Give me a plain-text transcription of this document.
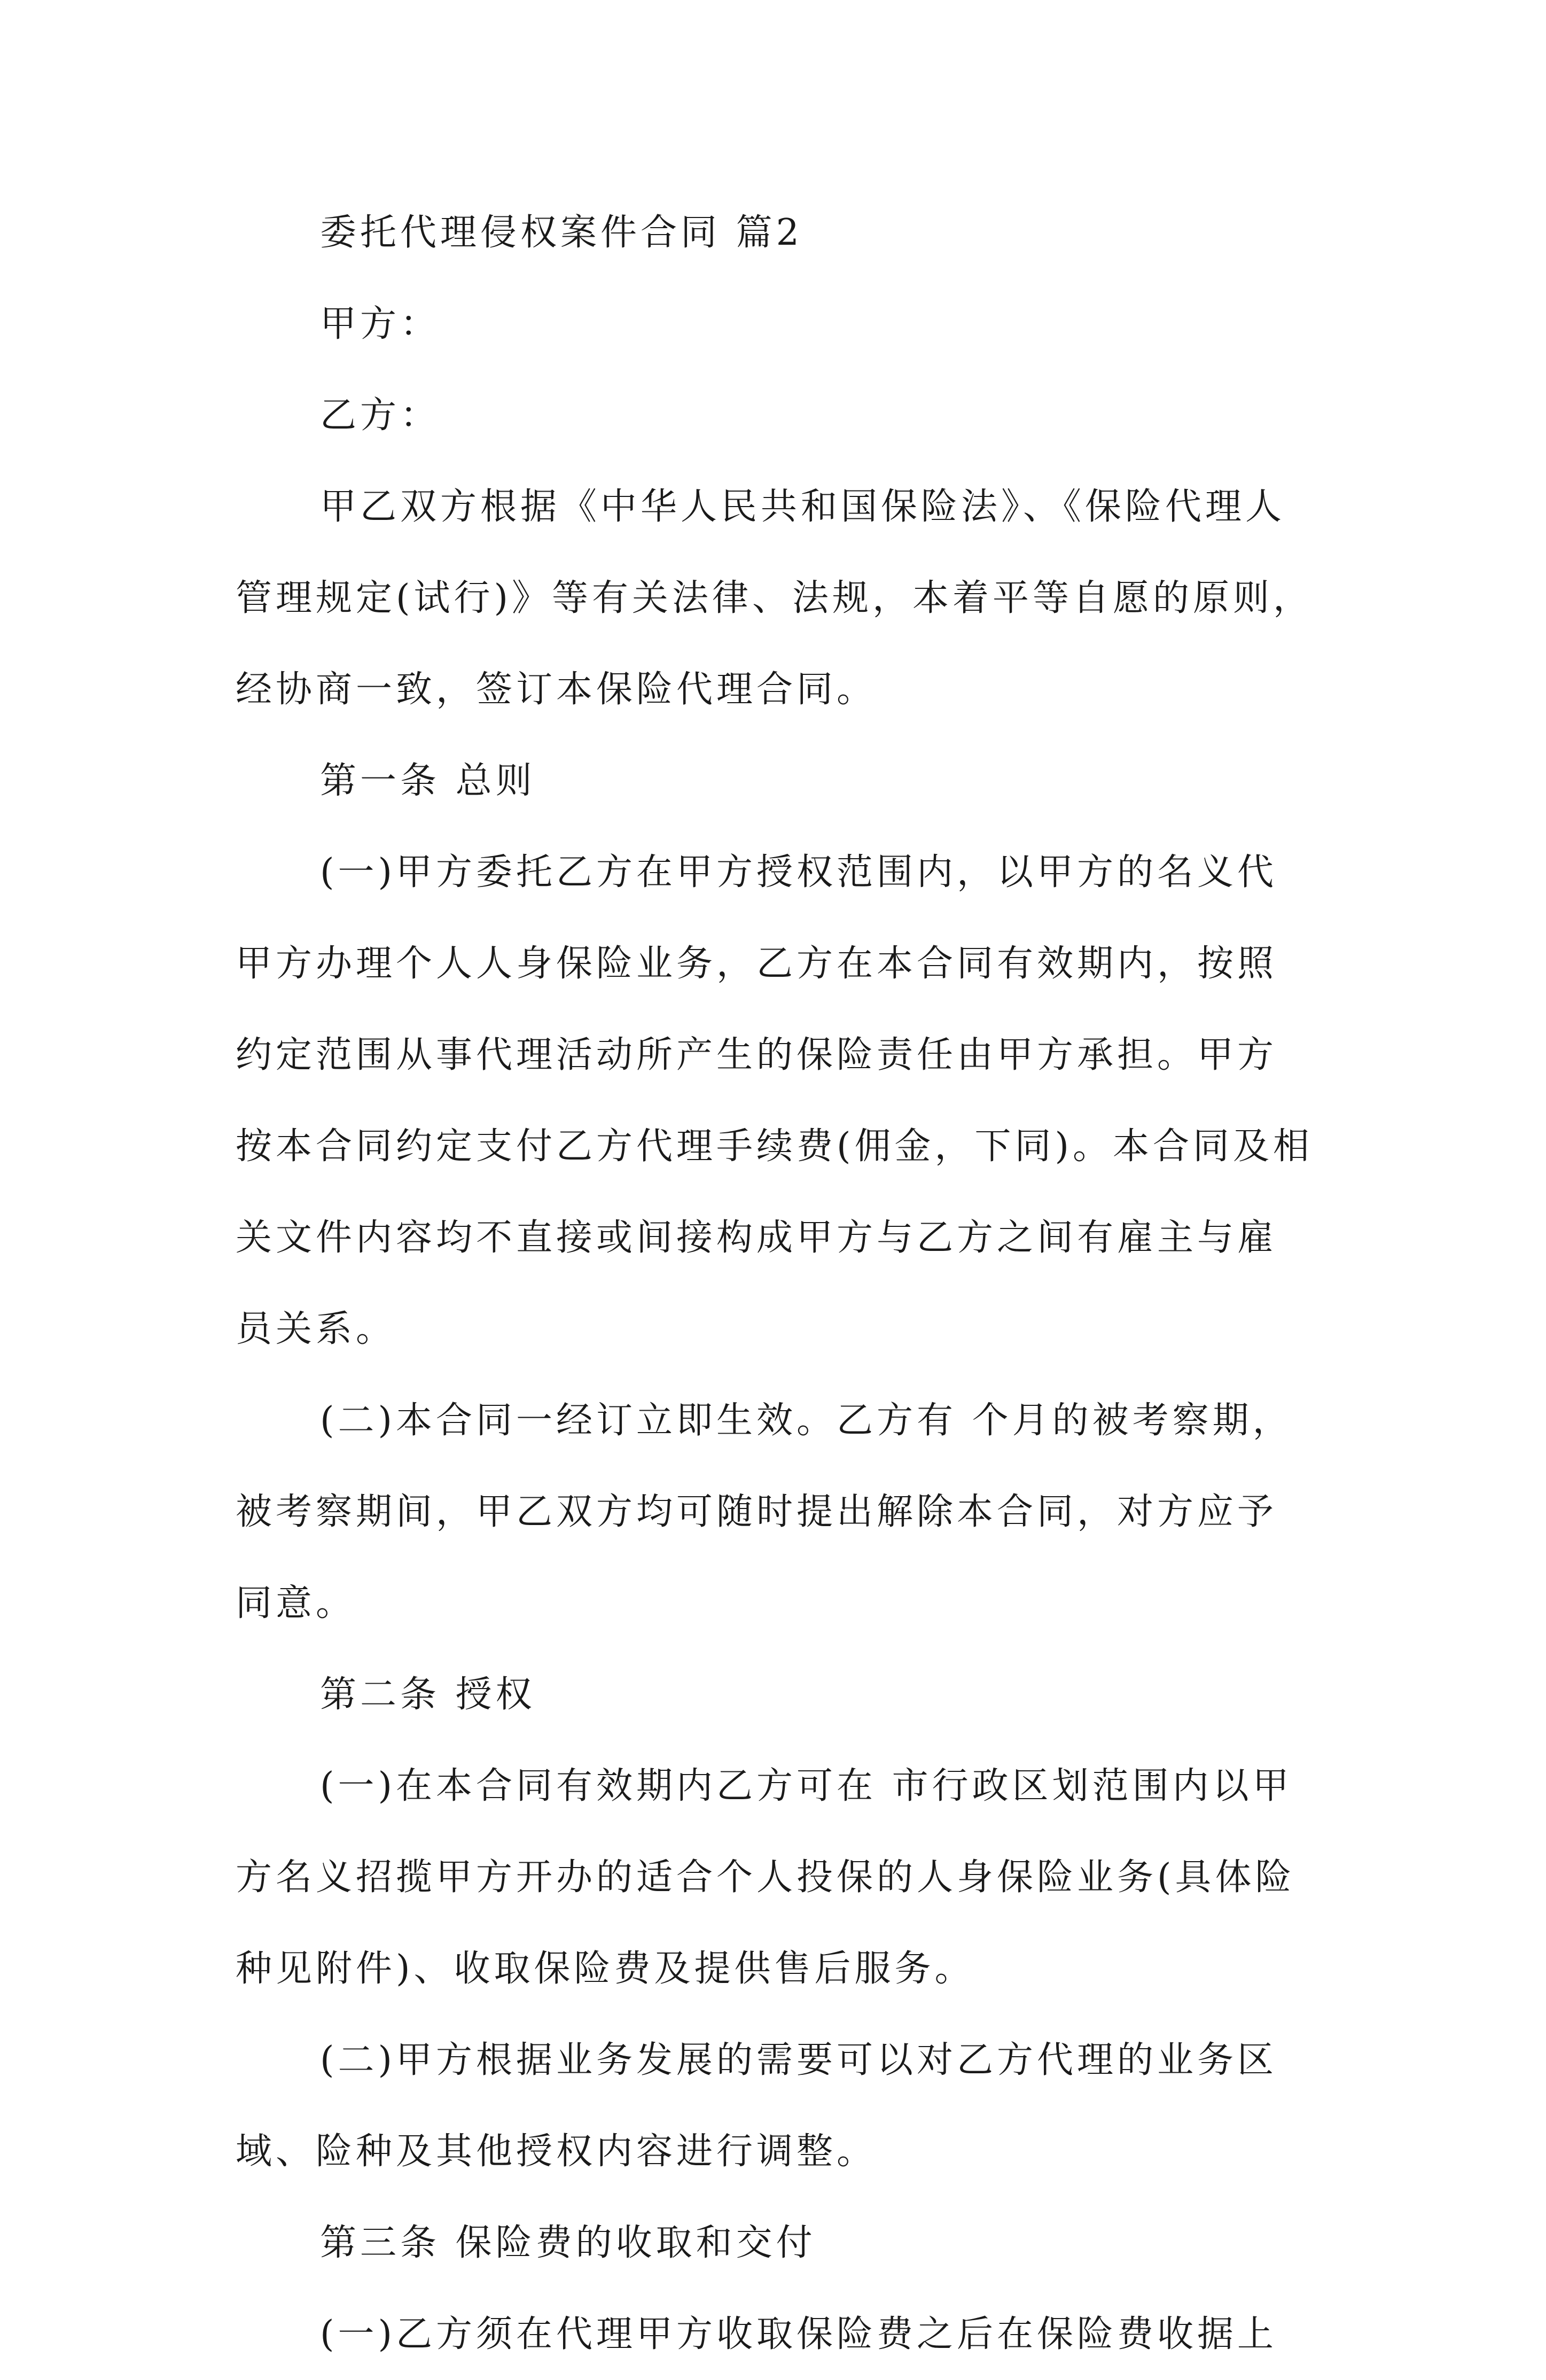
委托代理侵权案件合同 篇2

甲方：

乙方：

甲乙双方根据《中华人民共和国保险法》、《保险代理人管理规定(试行)》等有关法律、法规，本着平等自愿的原则，经协商一致，签订本保险代理合同。

第一条 总则

(一)甲方委托乙方在甲方授权范围内，以甲方的名义代甲方办理个人人身保险业务，乙方在本合同有效期内，按照约定范围从事代理活动所产生的保险责任由甲方承担。甲方按本合同约定支付乙方代理手续费(佣金，下同)。本合同及相关文件内容均不直接或间接构成甲方与乙方之间有雇主与雇员关系。

(二)本合同一经订立即生效。乙方有 个月的被考察期，被考察期间，甲乙双方均可随时提出解除本合同，对方应予同意。

第二条 授权

(一)在本合同有效期内乙方可在 市行政区划范围内以甲方名义招揽甲方开办的适合个人投保的人身保险业务(具体险种见附件)、收取保险费及提供售后服务。

(二)甲方根据业务发展的需要可以对乙方代理的业务区域、险种及其他授权内容进行调整。

第三条 保险费的收取和交付

(一)乙方须在代理甲方收取保险费之后在保险费收据上
